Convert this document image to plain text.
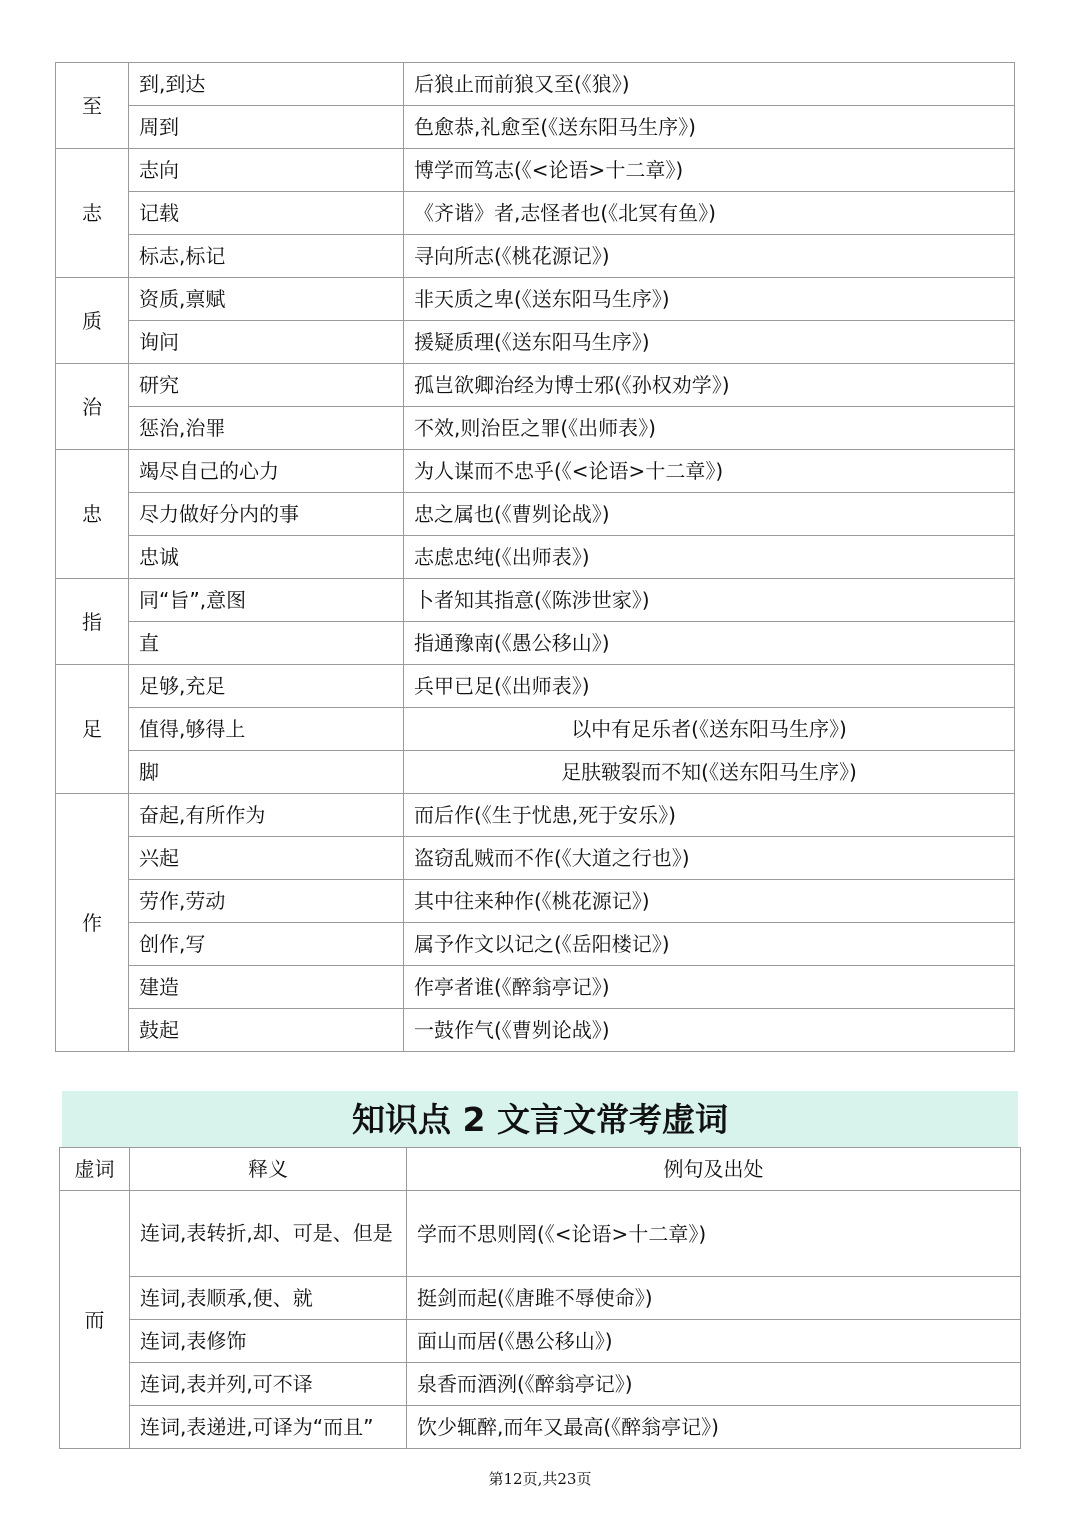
至	到,到达	后狼止而前狼又至(《狼》)
	周到	色愈恭,礼愈至(《送东阳马生序》)
志	志向	博学而笃志(《<论语>十二章》)
	记载	《齐谐》者,志怪者也(《北冥有鱼》)
	标志,标记	寻向所志(《桃花源记》)
质	资质,禀赋	非天质之卑(《送东阳马生序》)
	询问	援疑质理(《送东阳马生序》)
治	研究	孤岂欲卿治经为博士邪(《孙权劝学》)
	惩治,治罪	不效,则治臣之罪(《出师表》)
忠	竭尽自己的心力	为人谋而不忠乎(《<论语>十二章》)
	尽力做好分内的事	忠之属也(《曹刿论战》)
	忠诚	志虑忠纯(《出师表》)
指	同“旨”,意图	卜者知其指意(《陈涉世家》)
	直	指通豫南(《愚公移山》)
足	足够,充足	兵甲已足(《出师表》)
	值得,够得上	以中有足乐者(《送东阳马生序》)
	脚	足肤皲裂而不知(《送东阳马生序》)
作	奋起,有所作为	而后作(《生于忧患,死于安乐》)
	兴起	盗窃乱贼而不作(《大道之行也》)
	劳作,劳动	其中往来种作(《桃花源记》)
	创作,写	属予作文以记之(《岳阳楼记》)
	建造	作亭者谁(《醉翁亭记》)
	鼓起	一鼓作气(《曹刿论战》)
知识点 2 文言文常考虚词
虚词	释义	例句及出处
而	连词,表转折,却、可是、但是	学而不思则罔(《<论语>十二章》)
	连词,表顺承,便、就	挺剑而起(《唐雎不辱使命》)
	连词,表修饰	面山而居(《愚公移山》)
	连词,表并列,可不译	泉香而酒洌(《醉翁亭记》)
	连词,表递进,可译为“而且”	饮少辄醉,而年又最高(《醉翁亭记》)
第12页,共23页
